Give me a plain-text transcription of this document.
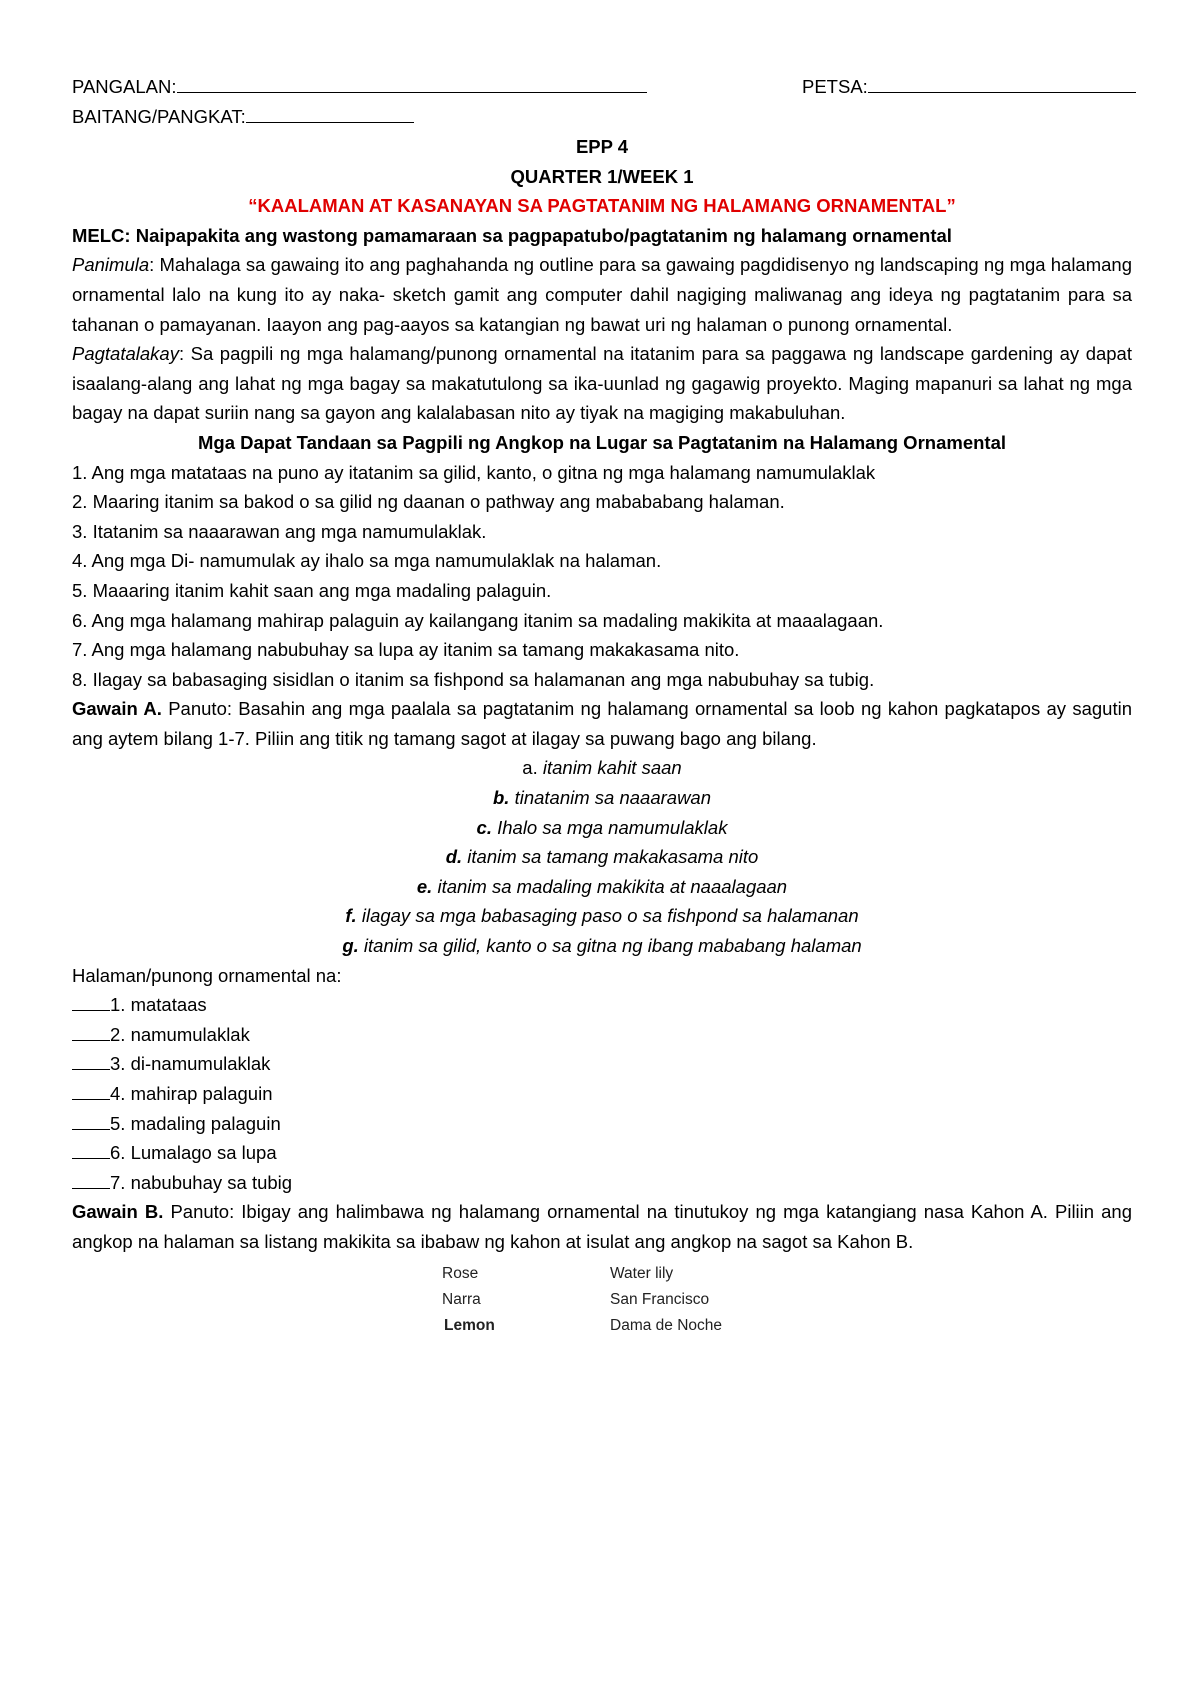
PANGALAN:	PETSA:
BAITANG/PANGKAT:
EPP 4
QUARTER 1/WEEK 1
“KAALAMAN AT KASANAYAN SA PAGTATANIM NG HALAMANG ORNAMENTAL”
MELC: Naipapakita ang wastong pamamaraan sa pagpapatubo/pagtatanim ng halamang ornamental
Panimula: Mahalaga sa gawaing ito ang paghahanda ng outline para sa gawaing pagdidisenyo ng landscaping ng mga halamang ornamental lalo na kung ito ay naka- sketch gamit ang computer dahil nagiging maliwanag ang ideya ng pagtatanim para sa tahanan o pamayanan. Iaayon ang pag-aayos sa katangian ng bawat uri ng halaman o punong ornamental.
Pagtatalakay: Sa pagpili ng mga halamang/punong ornamental na itatanim para sa paggawa ng landscape gardening ay dapat isaalang-alang ang lahat ng mga bagay sa makatutulong sa ika-uunlad ng gagawig proyekto. Maging mapanuri sa lahat ng mga bagay na dapat suriin nang sa gayon ang kalalabasan nito ay tiyak na magiging makabuluhan.
Mga Dapat Tandaan sa Pagpili ng Angkop na Lugar sa Pagtatanim na Halamang Ornamental
1. Ang mga matataas na puno ay itatanim sa gilid, kanto, o gitna ng mga halamang namumulaklak
2. Maaring itanim sa bakod o sa gilid ng daanan o pathway ang mabababang halaman.
3. Itatanim sa naaarawan ang mga namumulaklak.
4. Ang mga Di- namumulak ay ihalo sa mga namumulaklak na halaman.
5. Maaaring itanim kahit saan ang mga madaling palaguin.
6. Ang mga halamang mahirap palaguin ay kailangang itanim sa madaling makikita at maaalagaan.
7. Ang mga halamang nabubuhay sa lupa ay itanim sa tamang makakasama nito.
8. Ilagay sa babasaging sisidlan o itanim sa fishpond sa halamanan ang mga nabubuhay sa tubig.
Gawain A. Panuto: Basahin ang mga paalala sa pagtatanim ng halamang ornamental sa loob ng kahon pagkatapos ay sagutin ang aytem bilang 1-7. Piliin ang titik ng tamang sagot at ilagay sa puwang bago ang bilang.
a. itanim kahit saan
b. tinatanim sa naaarawan
c. Ihalo sa mga namumulaklak
d. itanim sa tamang makakasama nito
e. itanim sa madaling makikita at naaalagaan
f. ilagay sa mga babasaging paso o sa fishpond sa halamanan
g. itanim sa gilid, kanto o sa gitna ng ibang mababang halaman
Halaman/punong ornamental na:
1. matataas
2. namumulaklak
3. di-namumulaklak
4. mahirap palaguin
5. madaling palaguin
6. Lumalago sa lupa
7. nabubuhay sa tubig
Gawain B. Panuto: Ibigay ang halimbawa ng halamang ornamental na tinutukoy ng mga katangiang nasa Kahon A. Piliin ang angkop na halaman sa listang makikita sa ibabaw ng kahon at isulat ang angkop na sagot sa Kahon B.
Rose	Water lily
Narra	San Francisco
Lemon	Dama de Noche
